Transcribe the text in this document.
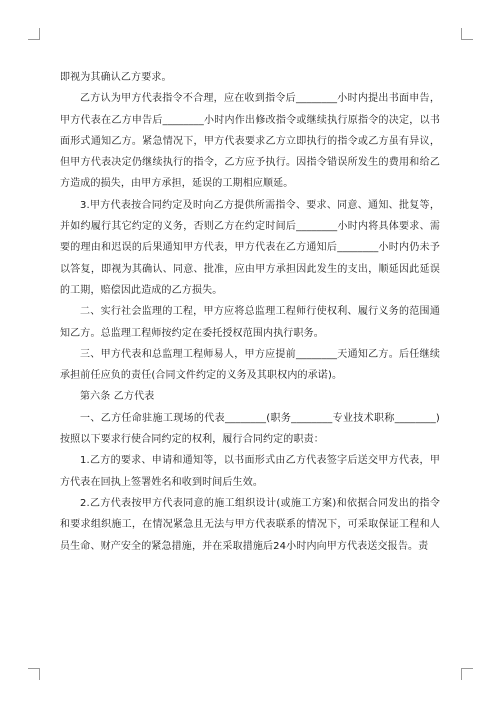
即视为其确认乙方要求。

乙方认为甲方代表指令不合理，应在收到指令后________小时内提出书面申告，甲方代表在乙方申告后________小时内作出修改指令或继续执行原指令的决定，以书面形式通知乙方。紧急情况下，甲方代表要求乙方立即执行的指令或乙方虽有异议，但甲方代表决定仍继续执行的指令，乙方应予执行。因指令错误所发生的费用和给乙方造成的损失，由甲方承担，延误的工期相应顺延。

3.甲方代表按合同约定及时向乙方提供所需指令、要求、同意、通知、批复等，并如约履行其它约定的义务，否则乙方在约定时间后________小时内将具体要求、需要的理由和迟误的后果通知甲方代表，甲方代表在乙方通知后________小时内仍未予以答复，即视为其确认、同意、批准，应由甲方承担因此发生的支出，顺延因此延误的工期，赔偿因此造成的乙方损失。

二、实行社会监理的工程，甲方应将总监理工程师行使权利、履行义务的范围通知乙方。总监理工程师按约定在委托授权范围内执行职务。

三、甲方代表和总监理工程师易人，甲方应提前________天通知乙方。后任继续承担前任应负的责任(合同文件约定的义务及其职权内的承诺)。

第六条 乙方代表

一、乙方任命驻施工现场的代表________(职务________专业技术职称________)按照以下要求行使合同约定的权利，履行合同约定的职责：

1.乙方的要求、申请和通知等，以书面形式由乙方代表签字后送交甲方代表，甲方代表在回执上签署姓名和收到时间后生效。

2.乙方代表按甲方代表同意的施工组织设计(或施工方案)和依据合同发出的指令和要求组织施工，在情况紧急且无法与甲方代表联系的情况下，可采取保证工程和人员生命、财产安全的紧急措施，并在采取措施后24小时内向甲方代表送交报告。责
